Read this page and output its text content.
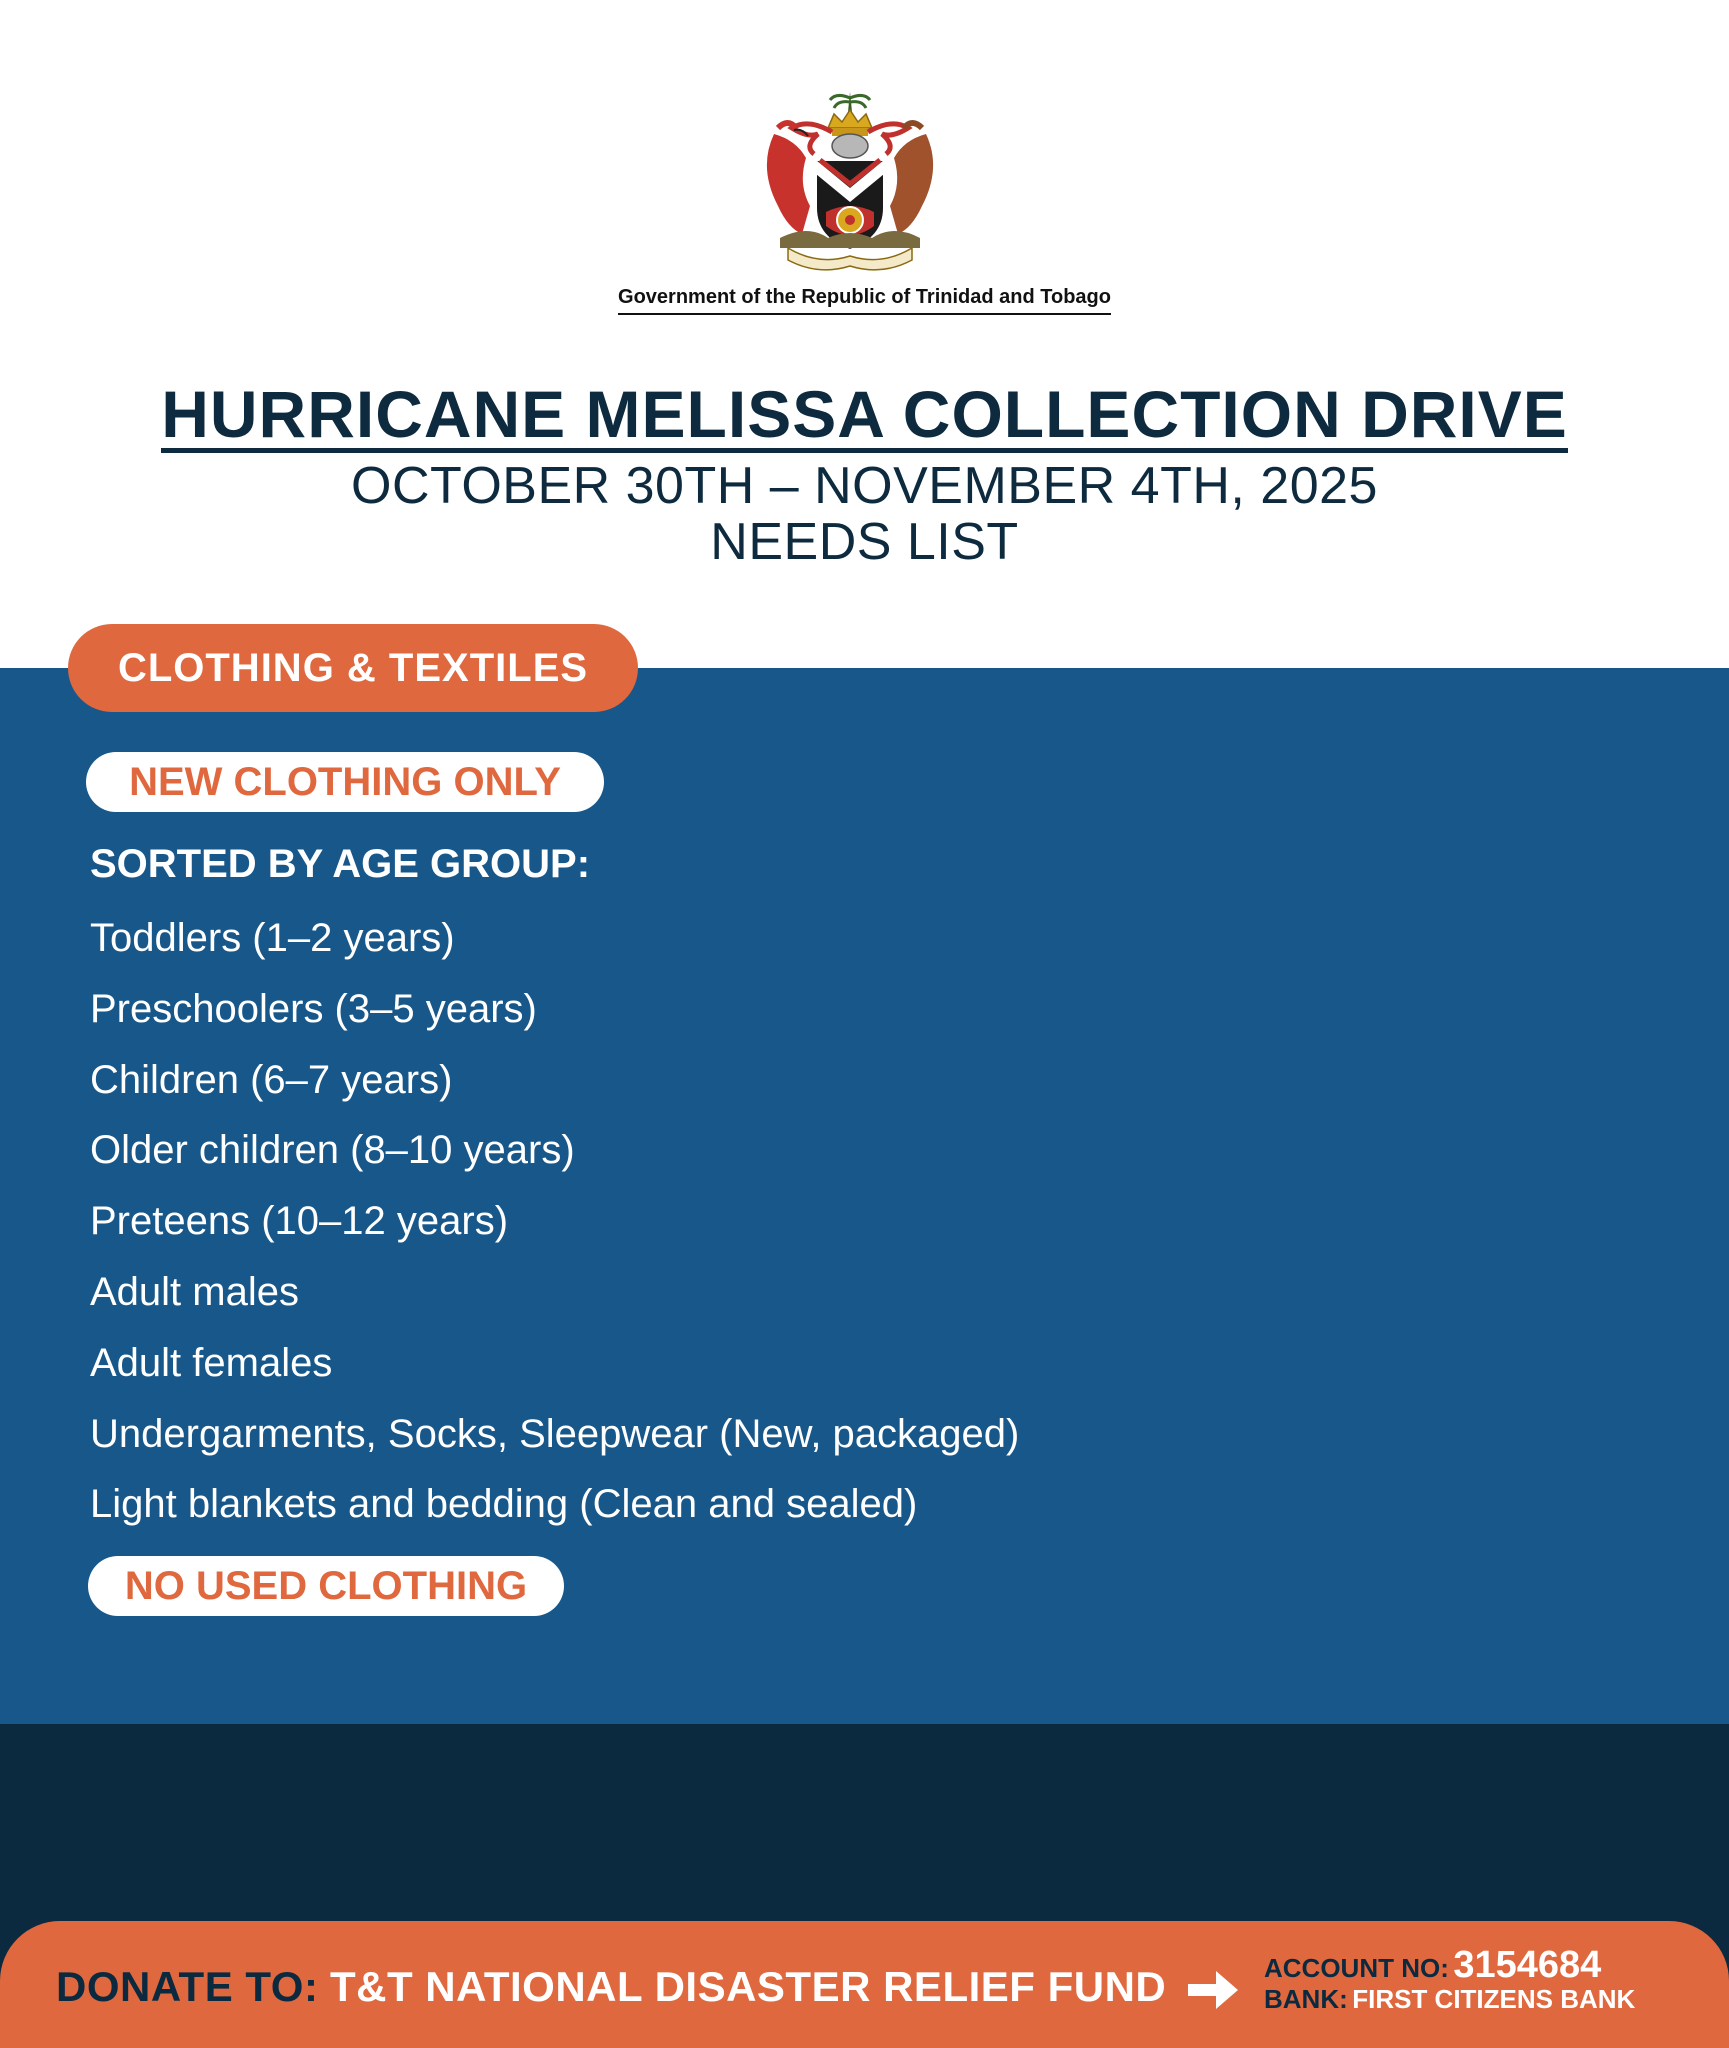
Government of the Republic of Trinidad and Tobago
HURRICANE MELISSA COLLECTION DRIVE
OCTOBER 30TH – NOVEMBER 4TH, 2025
NEEDS LIST
CLOTHING & TEXTILES
NEW CLOTHING ONLY
SORTED BY AGE GROUP:
Toddlers (1–2 years)
Preschoolers (3–5 years)
Children (6–7 years)
Older children (8–10 years)
Preteens (10–12 years)
Adult males
Adult females
Undergarments, Socks, Sleepwear (New, packaged)
Light blankets and bedding (Clean and sealed)
NO USED CLOTHING
DONATE TO: T&T NATIONAL DISASTER RELIEF FUND	ACCOUNT NO: 3154684
BANK: FIRST CITIZENS BANK
